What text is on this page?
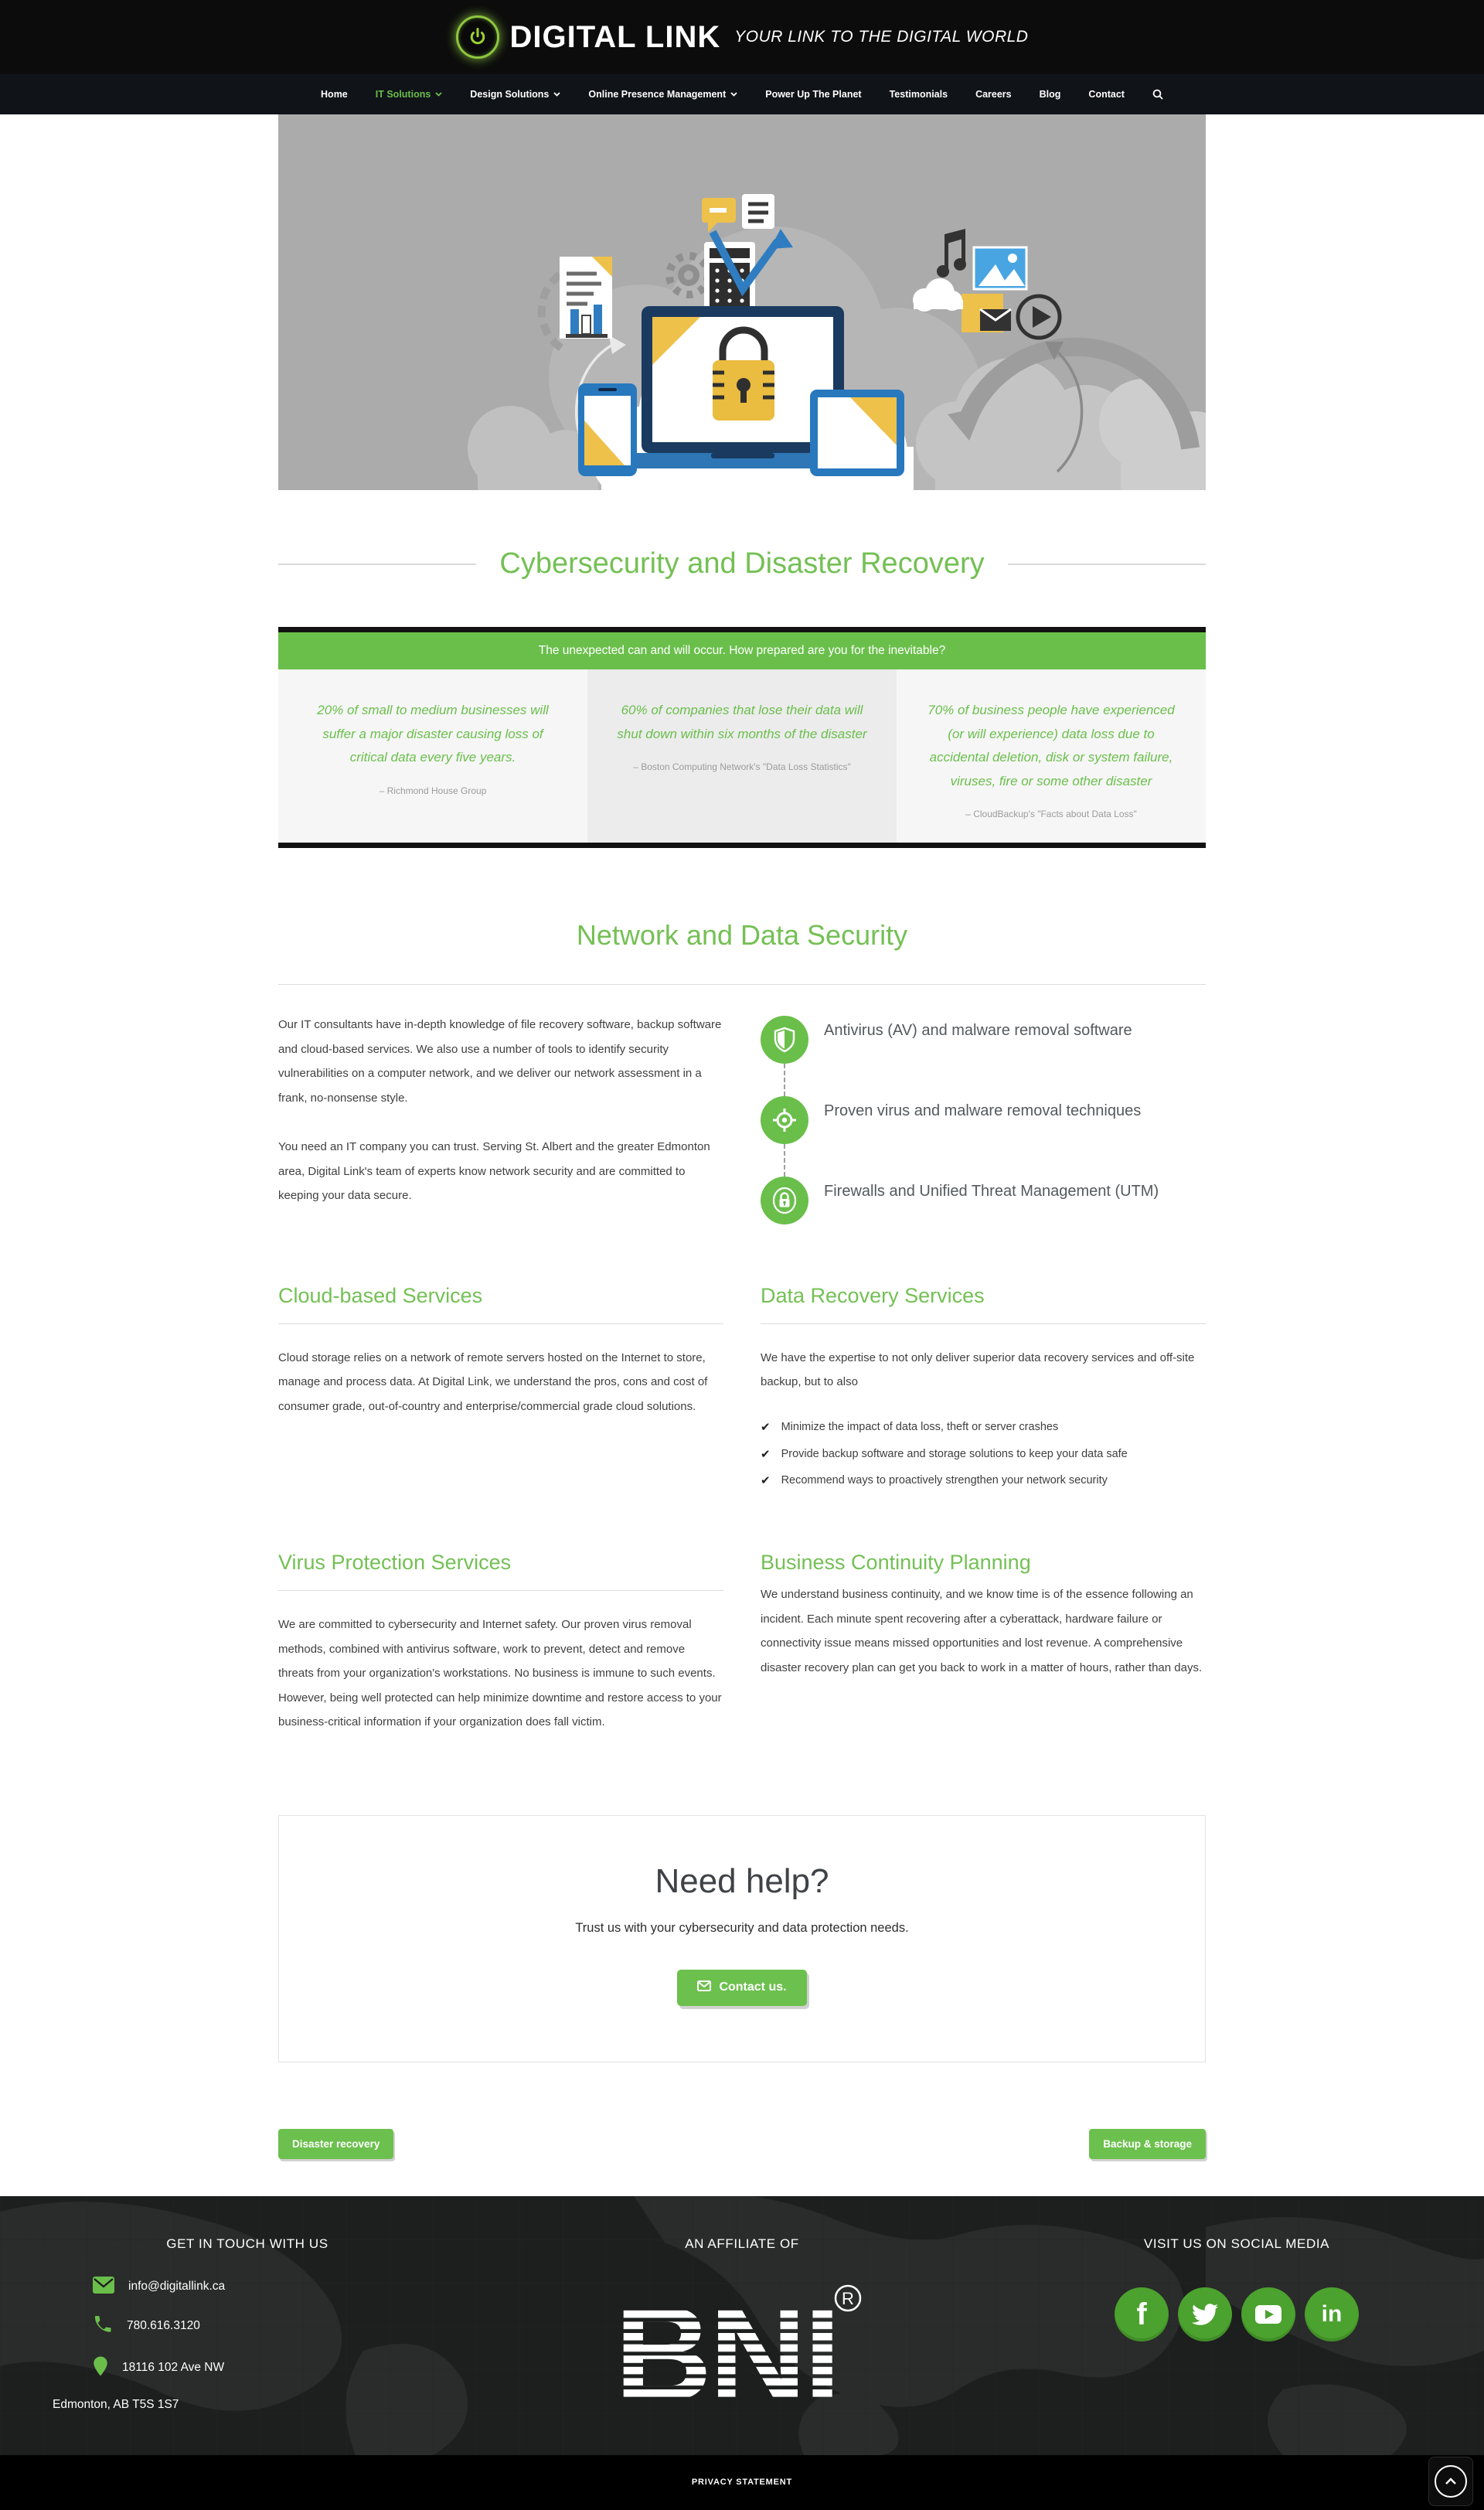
DIGITAL LINK YOUR LINK TO THE DIGITAL WORLD
Home	IT Solutions	Design Solutions	Online Presence Management	Power Up The Planet	Testimonials	Careers	Blog	Contact
Cybersecurity and Disaster Recovery
The unexpected can and will occur. How prepared are you for the inevitable?

20% of small to medium businesses will suffer a major disaster causing loss of critical data every five years.

– Richmond House Group

60% of companies that lose their data will shut down within six months of the disaster

– Boston Computing Network's "Data Loss Statistics"

70% of business people have experienced (or will experience) data loss due to accidental deletion, disk or system failure, viruses, fire or some other disaster

– CloudBackup's "Facts about Data Loss"

Network and Data Security

Our IT consultants have in-depth knowledge of file recovery software, backup software and cloud-based services. We also use a number of tools to identify security vulnerabilities on a computer network, and we deliver our network assessment in a frank, no-nonsense style.

You need an IT company you can trust. Serving St. Albert and the greater Edmonton area, Digital Link's team of experts know network security and are committed to keeping your data secure.

Antivirus (AV) and malware removal software
Proven virus and malware removal techniques
Firewalls and Unified Threat Management (UTM)
Cloud-based Services

Cloud storage relies on a network of remote servers hosted on the Internet to store, manage and process data. At Digital Link, we understand the pros, cons and cost of consumer grade, out-of-country and enterprise/commercial grade cloud solutions.

Data Recovery Services

We have the expertise to not only deliver superior data recovery services and off-site backup, but to also

✔ Minimize the impact of data loss, theft or server crashes
✔ Provide backup software and storage solutions to keep your data safe
✔ Recommend ways to proactively strengthen your network security
Virus Protection Services

We are committed to cybersecurity and Internet safety. Our proven virus removal methods, combined with antivirus software, work to prevent, detect and remove threats from your organization's workstations. No business is immune to such events. However, being well protected can help minimize downtime and restore access to your business-critical information if your organization does fall victim.

Business Continuity Planning

We understand business continuity, and we know time is of the essence following an incident. Each minute spent recovering after a cyberattack, hardware failure or connectivity issue means missed opportunities and lost revenue. A comprehensive disaster recovery plan can get you back to work in a matter of hours, rather than days.

Need help?

Trust us with your cybersecurity and data protection needs.

Contact us.
Disaster recovery	Backup & storage
GET IN TOUCH WITH US
info@digitallink.ca
780.616.3120
18116 102 Ave NW
Edmonton, AB T5S 1S7
AN AFFILIATE OF
BNI R
VISIT US ON SOCIAL MEDIA
f	in
PRIVACY STATEMENT
